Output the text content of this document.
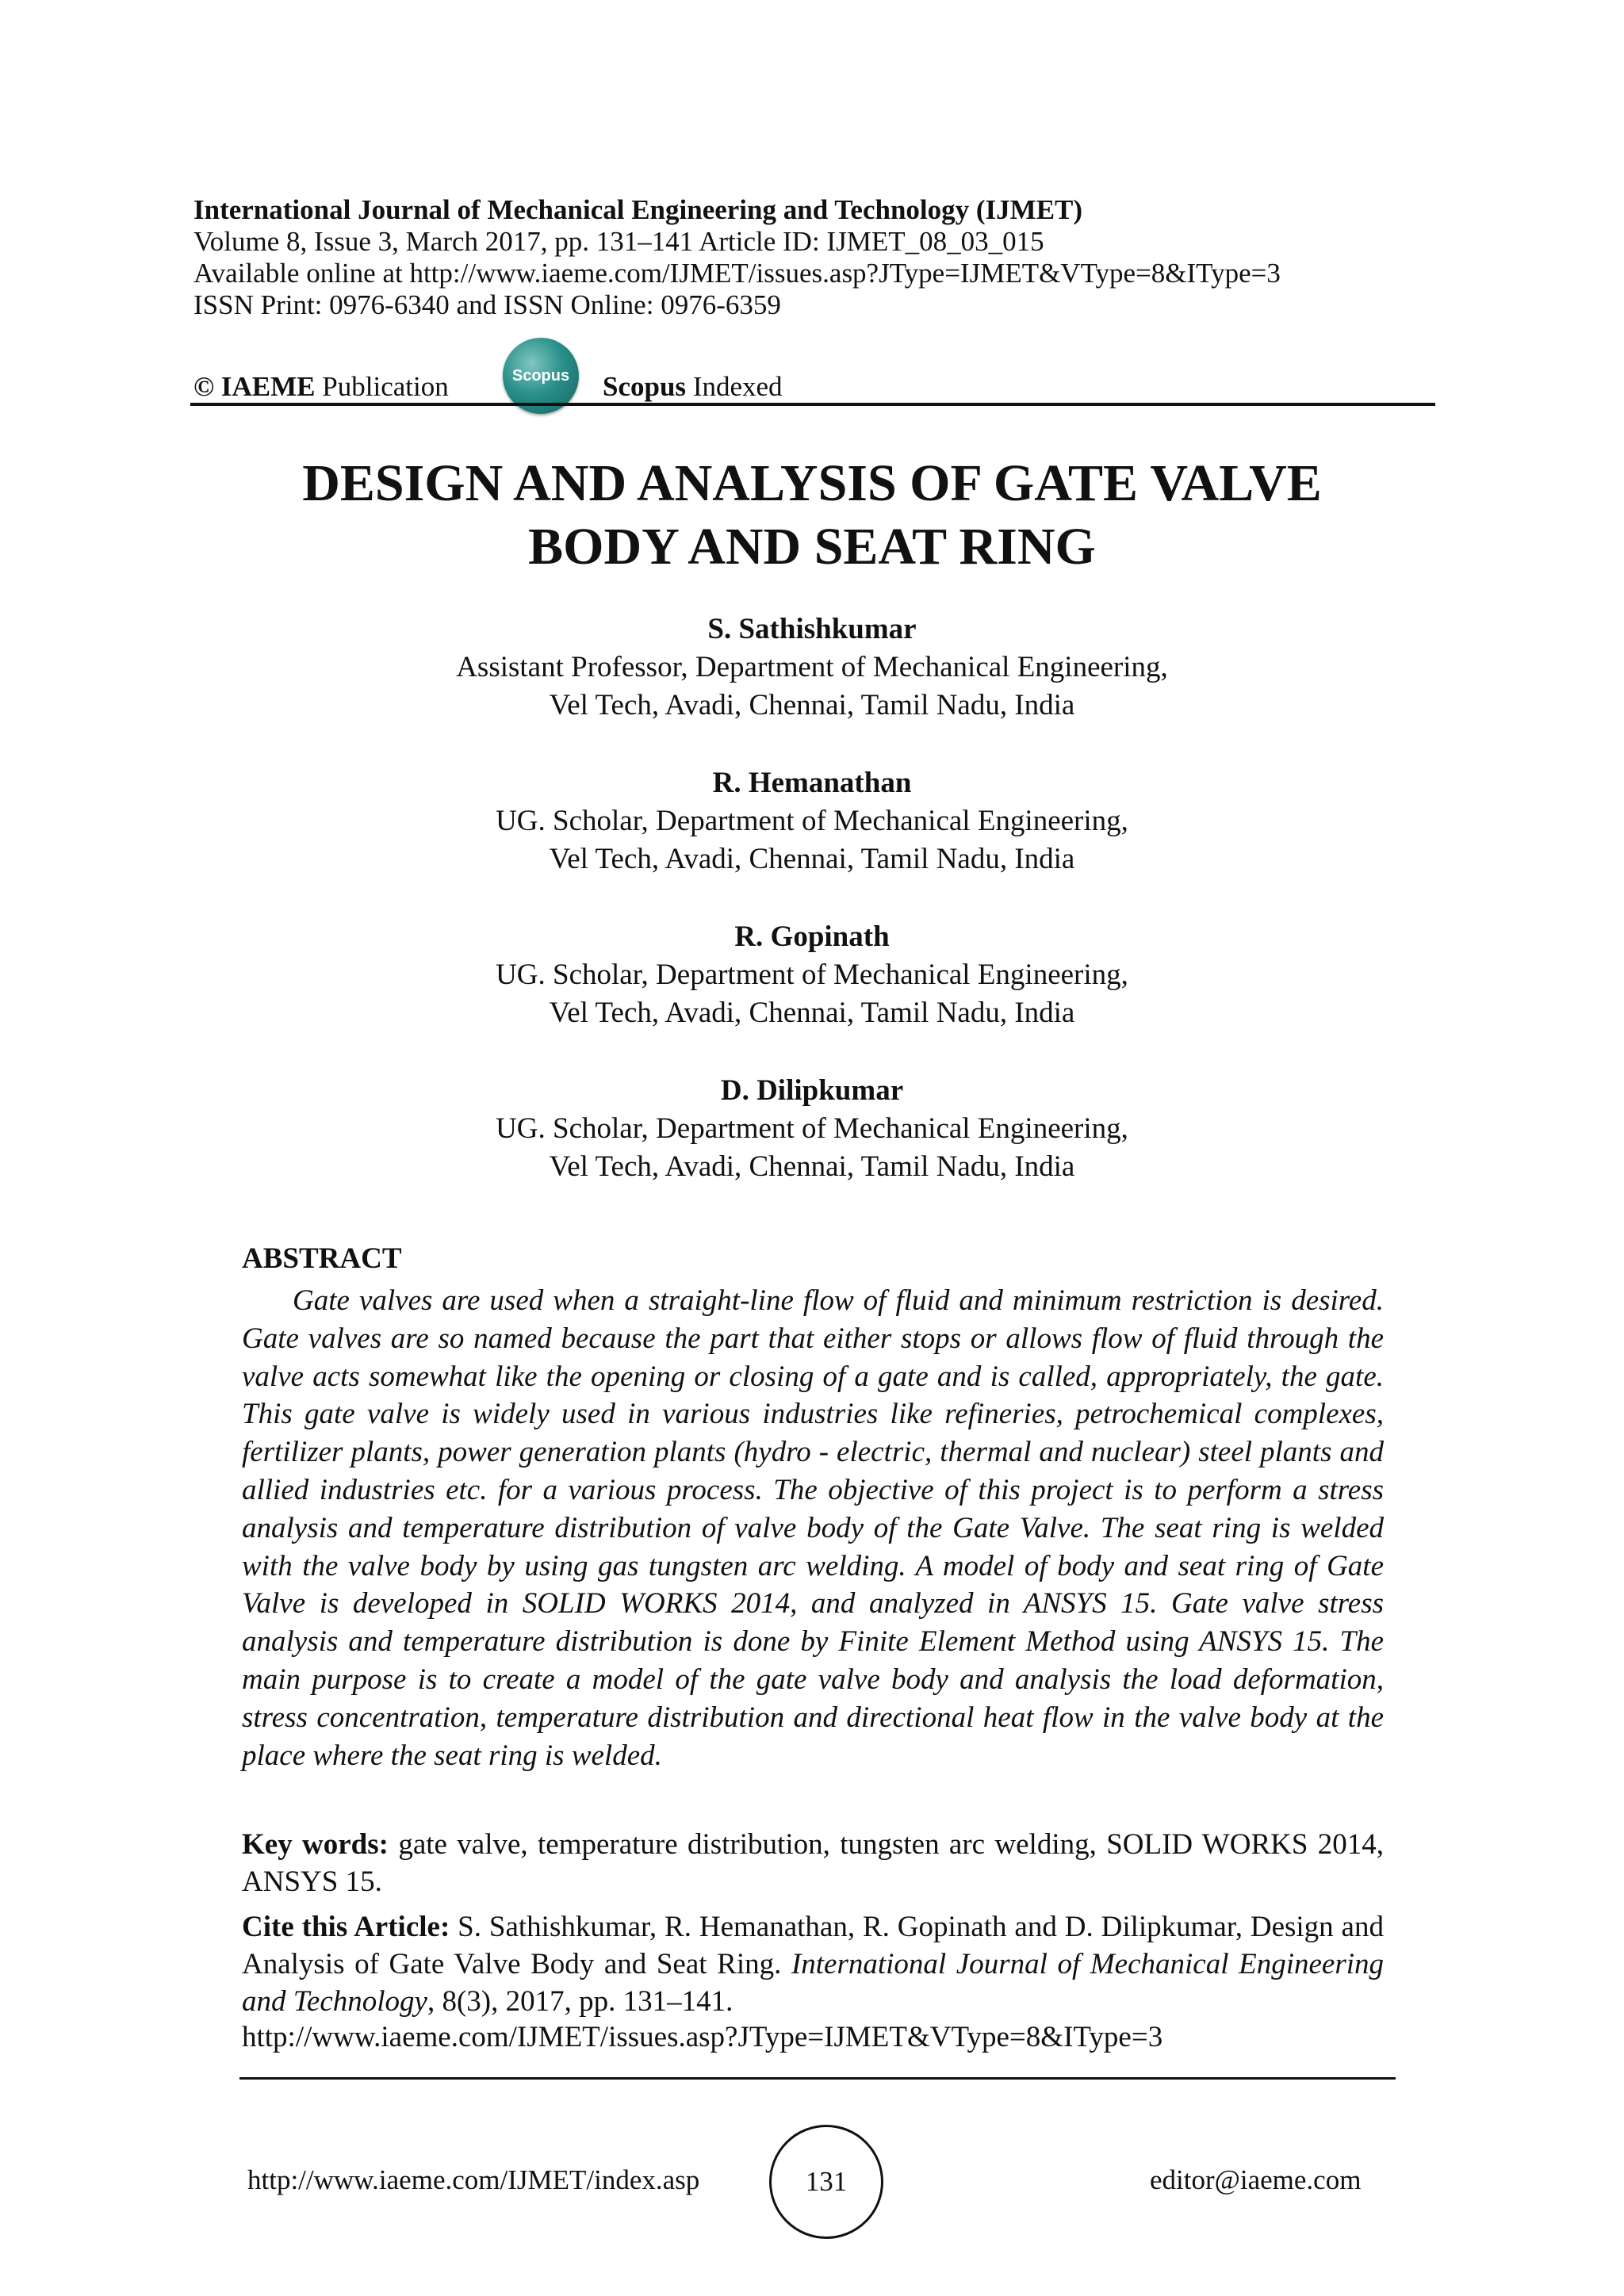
International Journal of Mechanical Engineering and Technology (IJMET)
Volume 8, Issue 3, March 2017, pp. 131–141 Article ID: IJMET_08_03_015
Available online at http://www.iaeme.com/IJMET/issues.asp?JType=IJMET&VType=8&IType=3
ISSN Print: 0976-6340 and ISSN Online: 0976-6359
© IAEME Publication	Scopus Scopus Indexed
DESIGN AND ANALYSIS OF GATE VALVE
BODY AND SEAT RING
S. Sathishkumar
Assistant Professor, Department of Mechanical Engineering,
Vel Tech, Avadi, Chennai, Tamil Nadu, India
R. Hemanathan
UG. Scholar, Department of Mechanical Engineering,
Vel Tech, Avadi, Chennai, Tamil Nadu, India
R. Gopinath
UG. Scholar, Department of Mechanical Engineering,
Vel Tech, Avadi, Chennai, Tamil Nadu, India
D. Dilipkumar
UG. Scholar, Department of Mechanical Engineering,
Vel Tech, Avadi, Chennai, Tamil Nadu, India
ABSTRACT

Gate valves are used when a straight-line flow of fluid and minimum restriction is desired. Gate valves are so named because the part that either stops or allows flow of fluid through the valve acts somewhat like the opening or closing of a gate and is called, appropriately, the gate. This gate valve is widely used in various industries like refineries, petrochemical complexes, fertilizer plants, power generation plants (hydro - electric, thermal and nuclear) steel plants and allied industries etc. for a various process. The objective of this project is to perform a stress analysis and temperature distribution of valve body of the Gate Valve. The seat ring is welded with the valve body by using gas tungsten arc welding. A model of body and seat ring of Gate Valve is developed in SOLID WORKS 2014, and analyzed in ANSYS 15. Gate valve stress analysis and temperature distribution is done by Finite Element Method using ANSYS 15. The main purpose is to create a model of the gate valve body and analysis the load deformation, stress concentration, temperature distribution and directional heat flow in the valve body at the place where the seat ring is welded.

Key words: gate valve, temperature distribution, tungsten arc welding, SOLID WORKS 2014, ANSYS 15.

Cite this Article: S. Sathishkumar, R. Hemanathan, R. Gopinath and D. Dilipkumar, Design and Analysis of Gate Valve Body and Seat Ring. International Journal of Mechanical Engineering and Technology, 8(3), 2017, pp. 131–141.

http://www.iaeme.com/IJMET/issues.asp?JType=IJMET&VType=8&IType=3
http://www.iaeme.com/IJMET/index.asp	131	editor@iaeme.com
